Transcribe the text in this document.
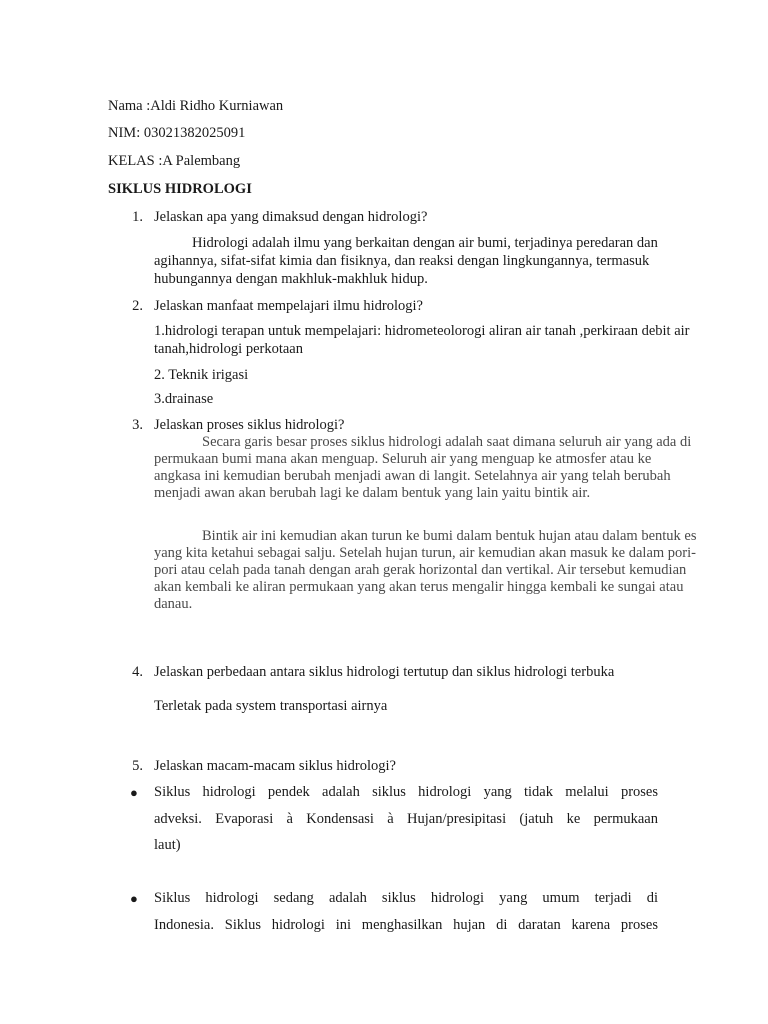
Nama :Aldi Ridho Kurniawan
NIM: 03021382025091
KELAS :A Palembang
SIKLUS HIDROLOGI
1. Jelaskan apa yang dimaksud dengan hidrologi?
Hidrologi adalah ilmu yang berkaitan dengan air bumi, terjadinya peredaran dan
agihannya, sifat-sifat kimia dan fisiknya, dan reaksi dengan lingkungannya, termasuk
hubungannya dengan makhluk-makhluk hidup.
2. Jelaskan manfaat mempelajari ilmu hidrologi?
1.hidrologi terapan untuk mempelajari: hidrometeolorogi aliran air tanah ,perkiraan debit air
tanah,hidrologi perkotaan
2. Teknik irigasi
3.drainase
3. Jelaskan proses siklus hidrologi?
Secara garis besar proses siklus hidrologi adalah saat dimana seluruh air yang ada di
permukaan bumi mana akan menguap. Seluruh air yang menguap ke atmosfer atau ke
angkasa ini kemudian berubah menjadi awan di langit. Setelahnya air yang telah berubah
menjadi awan akan berubah lagi ke dalam bentuk yang lain yaitu bintik air.
Bintik air ini kemudian akan turun ke bumi dalam bentuk hujan atau dalam bentuk es
yang kita ketahui sebagai salju. Setelah hujan turun, air kemudian akan masuk ke dalam pori-
pori atau celah pada tanah dengan arah gerak horizontal dan vertikal. Air tersebut kemudian
akan kembali ke aliran permukaan yang akan terus mengalir hingga kembali ke sungai atau
danau.
4. Jelaskan perbedaan antara siklus hidrologi tertutup dan siklus hidrologi terbuka
Terletak pada system transportasi airnya
5. Jelaskan macam-macam siklus hidrologi?
● Siklus hidrologi pendek adalah siklus hidrologi yang tidak melalui proses
adveksi. Evaporasi à Kondensasi à Hujan/presipitasi (jatuh ke permukaan
laut)
● Siklus hidrologi sedang adalah siklus hidrologi yang umum terjadi di
Indonesia. Siklus hidrologi ini menghasilkan hujan di daratan karena proses
